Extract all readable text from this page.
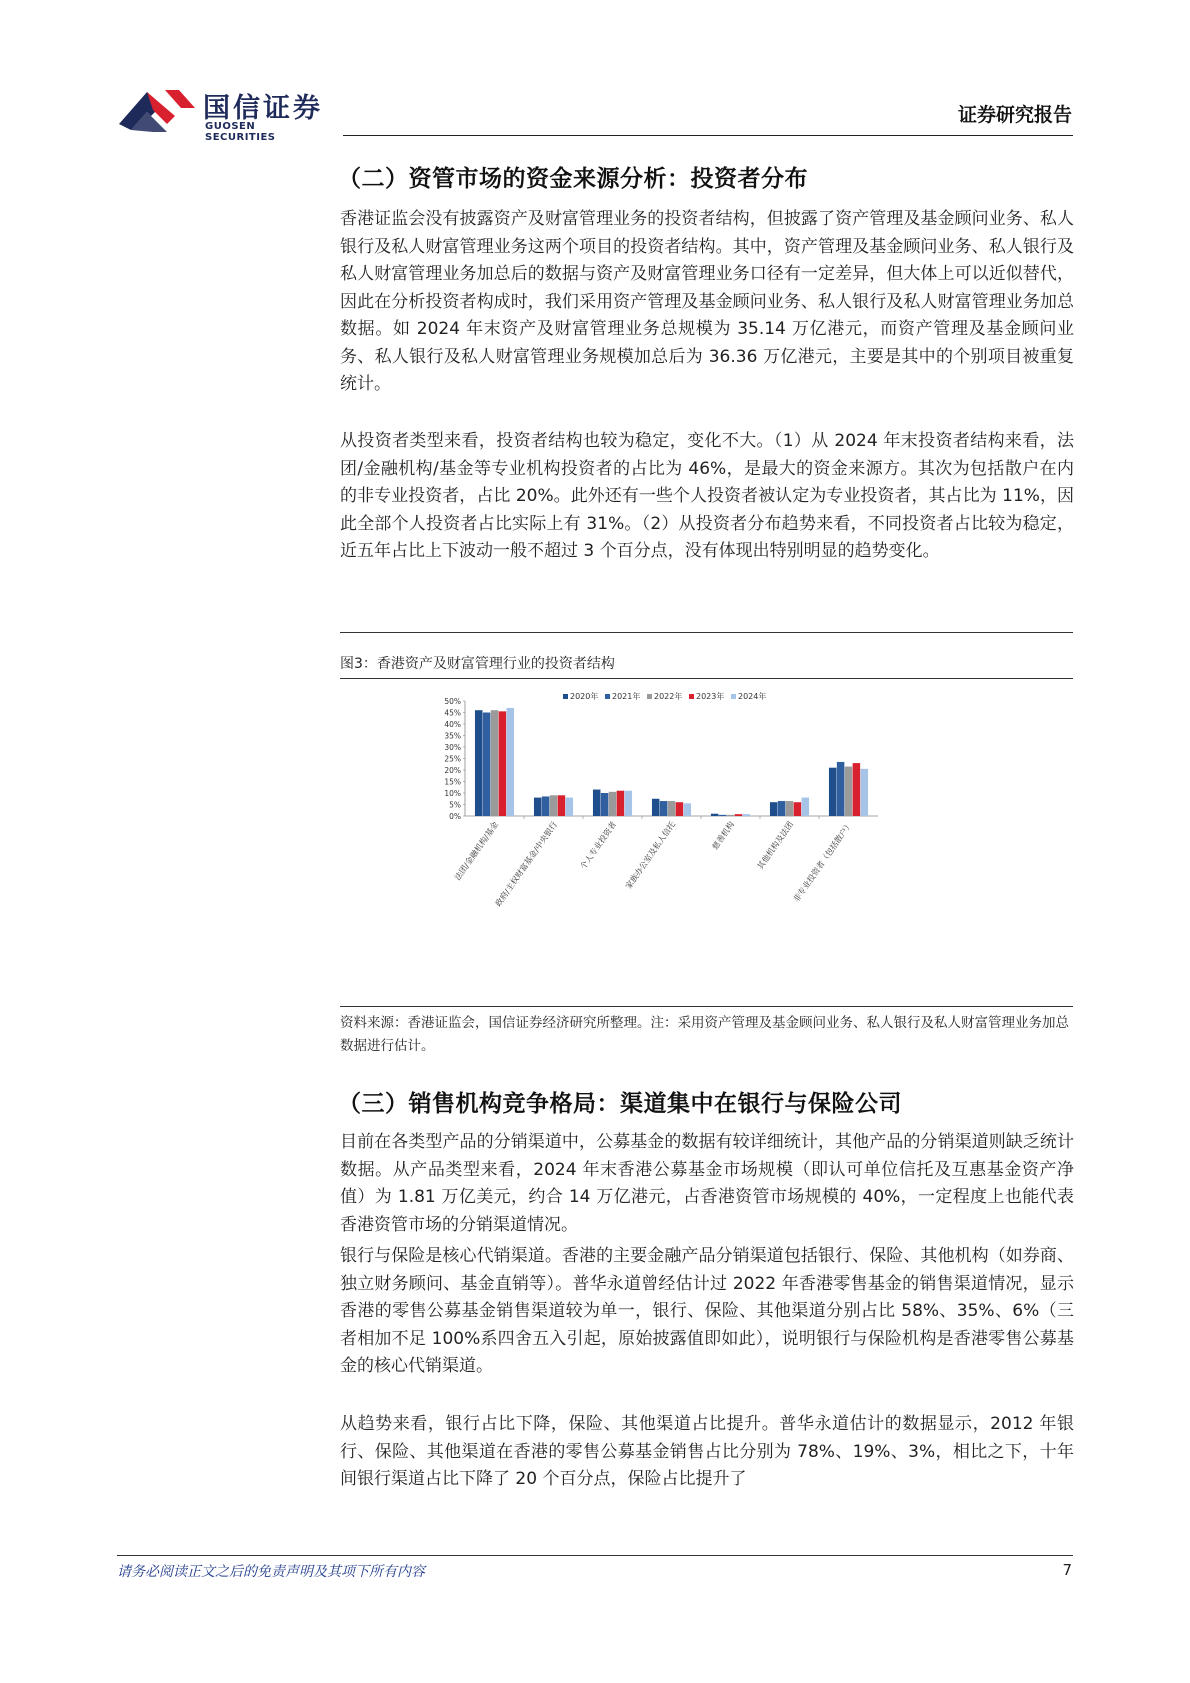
国信证券
GUOSEN SECURITIES
证券研究报告
（二）资管市场的资金来源分析：投资者分布

香港证监会没有披露资产及财富管理业务的投资者结构，但披露了资产管理及基金顾问业务、私人银行及私人财富管理业务这两个项目的投资者结构。其中，资产管理及基金顾问业务、私人银行及私人财富管理业务加总后的数据与资产及财富管理业务口径有一定差异，但大体上可以近似替代，因此在分析投资者构成时，我们采用资产管理及基金顾问业务、私人银行及私人财富管理业务加总数据。如 2024 年末资产及财富管理业务总规模为 35.14 万亿港元，而资产管理及基金顾问业务、私人银行及私人财富管理业务规模加总后为 36.36 万亿港元，主要是其中的个别项目被重复统计。

从投资者类型来看，投资者结构也较为稳定，变化不大。（1）从 2024 年末投资者结构来看，法团/金融机构/基金等专业机构投资者的占比为 46%，是最大的资金来源方。其次为包括散户在内的非专业投资者，占比 20%。此外还有一些个人投资者被认定为专业投资者，其占比为 11%，因此全部个人投资者占比实际上有 31%。（2）从投资者分布趋势来看，不同投资者占比较为稳定，近五年占比上下波动一般不超过 3 个百分点，没有体现出特别明显的趋势变化。

图3：香港资产及财富管理行业的投资者结构
2020年 2021年 2022年 2023年 2024年
0%
5%
10%
15%
20%
25%
30%
35%
40%
45%
50%
法团/金融机构/基金
政府/主权财富基金/中央银行 个人专业投资者 家族办公室及私人信托	慈善机构 其他机构及法团
非专业投资者（包括散户）

资料来源：香港证监会，国信证券经济研究所整理。注：采用资产管理及基金顾问业务、私人银行及私人财富管理业务加总数据进行估计。

（三）销售机构竞争格局：渠道集中在银行与保险公司

目前在各类型产品的分销渠道中，公募基金的数据有较详细统计，其他产品的分销渠道则缺乏统计数据。从产品类型来看，2024 年末香港公募基金市场规模（即认可单位信托及互惠基金资产净值）为 1.81 万亿美元，约合 14 万亿港元，占香港资管市场规模的 40%，一定程度上也能代表香港资管市场的分销渠道情况。

银行与保险是核心代销渠道。香港的主要金融产品分销渠道包括银行、保险、其他机构（如券商、独立财务顾问、基金直销等）。普华永道曾经估计过 2022 年香港零售基金的销售渠道情况，显示香港的零售公募基金销售渠道较为单一，银行、保险、其他渠道分别占比 58%、35%、6%（三者相加不足 100%系四舍五入引起，原始披露值即如此），说明银行与保险机构是香港零售公募基金的核心代销渠道。

从趋势来看，银行占比下降，保险、其他渠道占比提升。普华永道估计的数据显示，2012 年银行、保险、其他渠道在香港的零售公募基金销售占比分别为 78%、19%、3%，相比之下，十年间银行渠道占比下降了 20 个百分点，保险占比提升了

请务必阅读正文之后的免责声明及其项下所有内容	7
